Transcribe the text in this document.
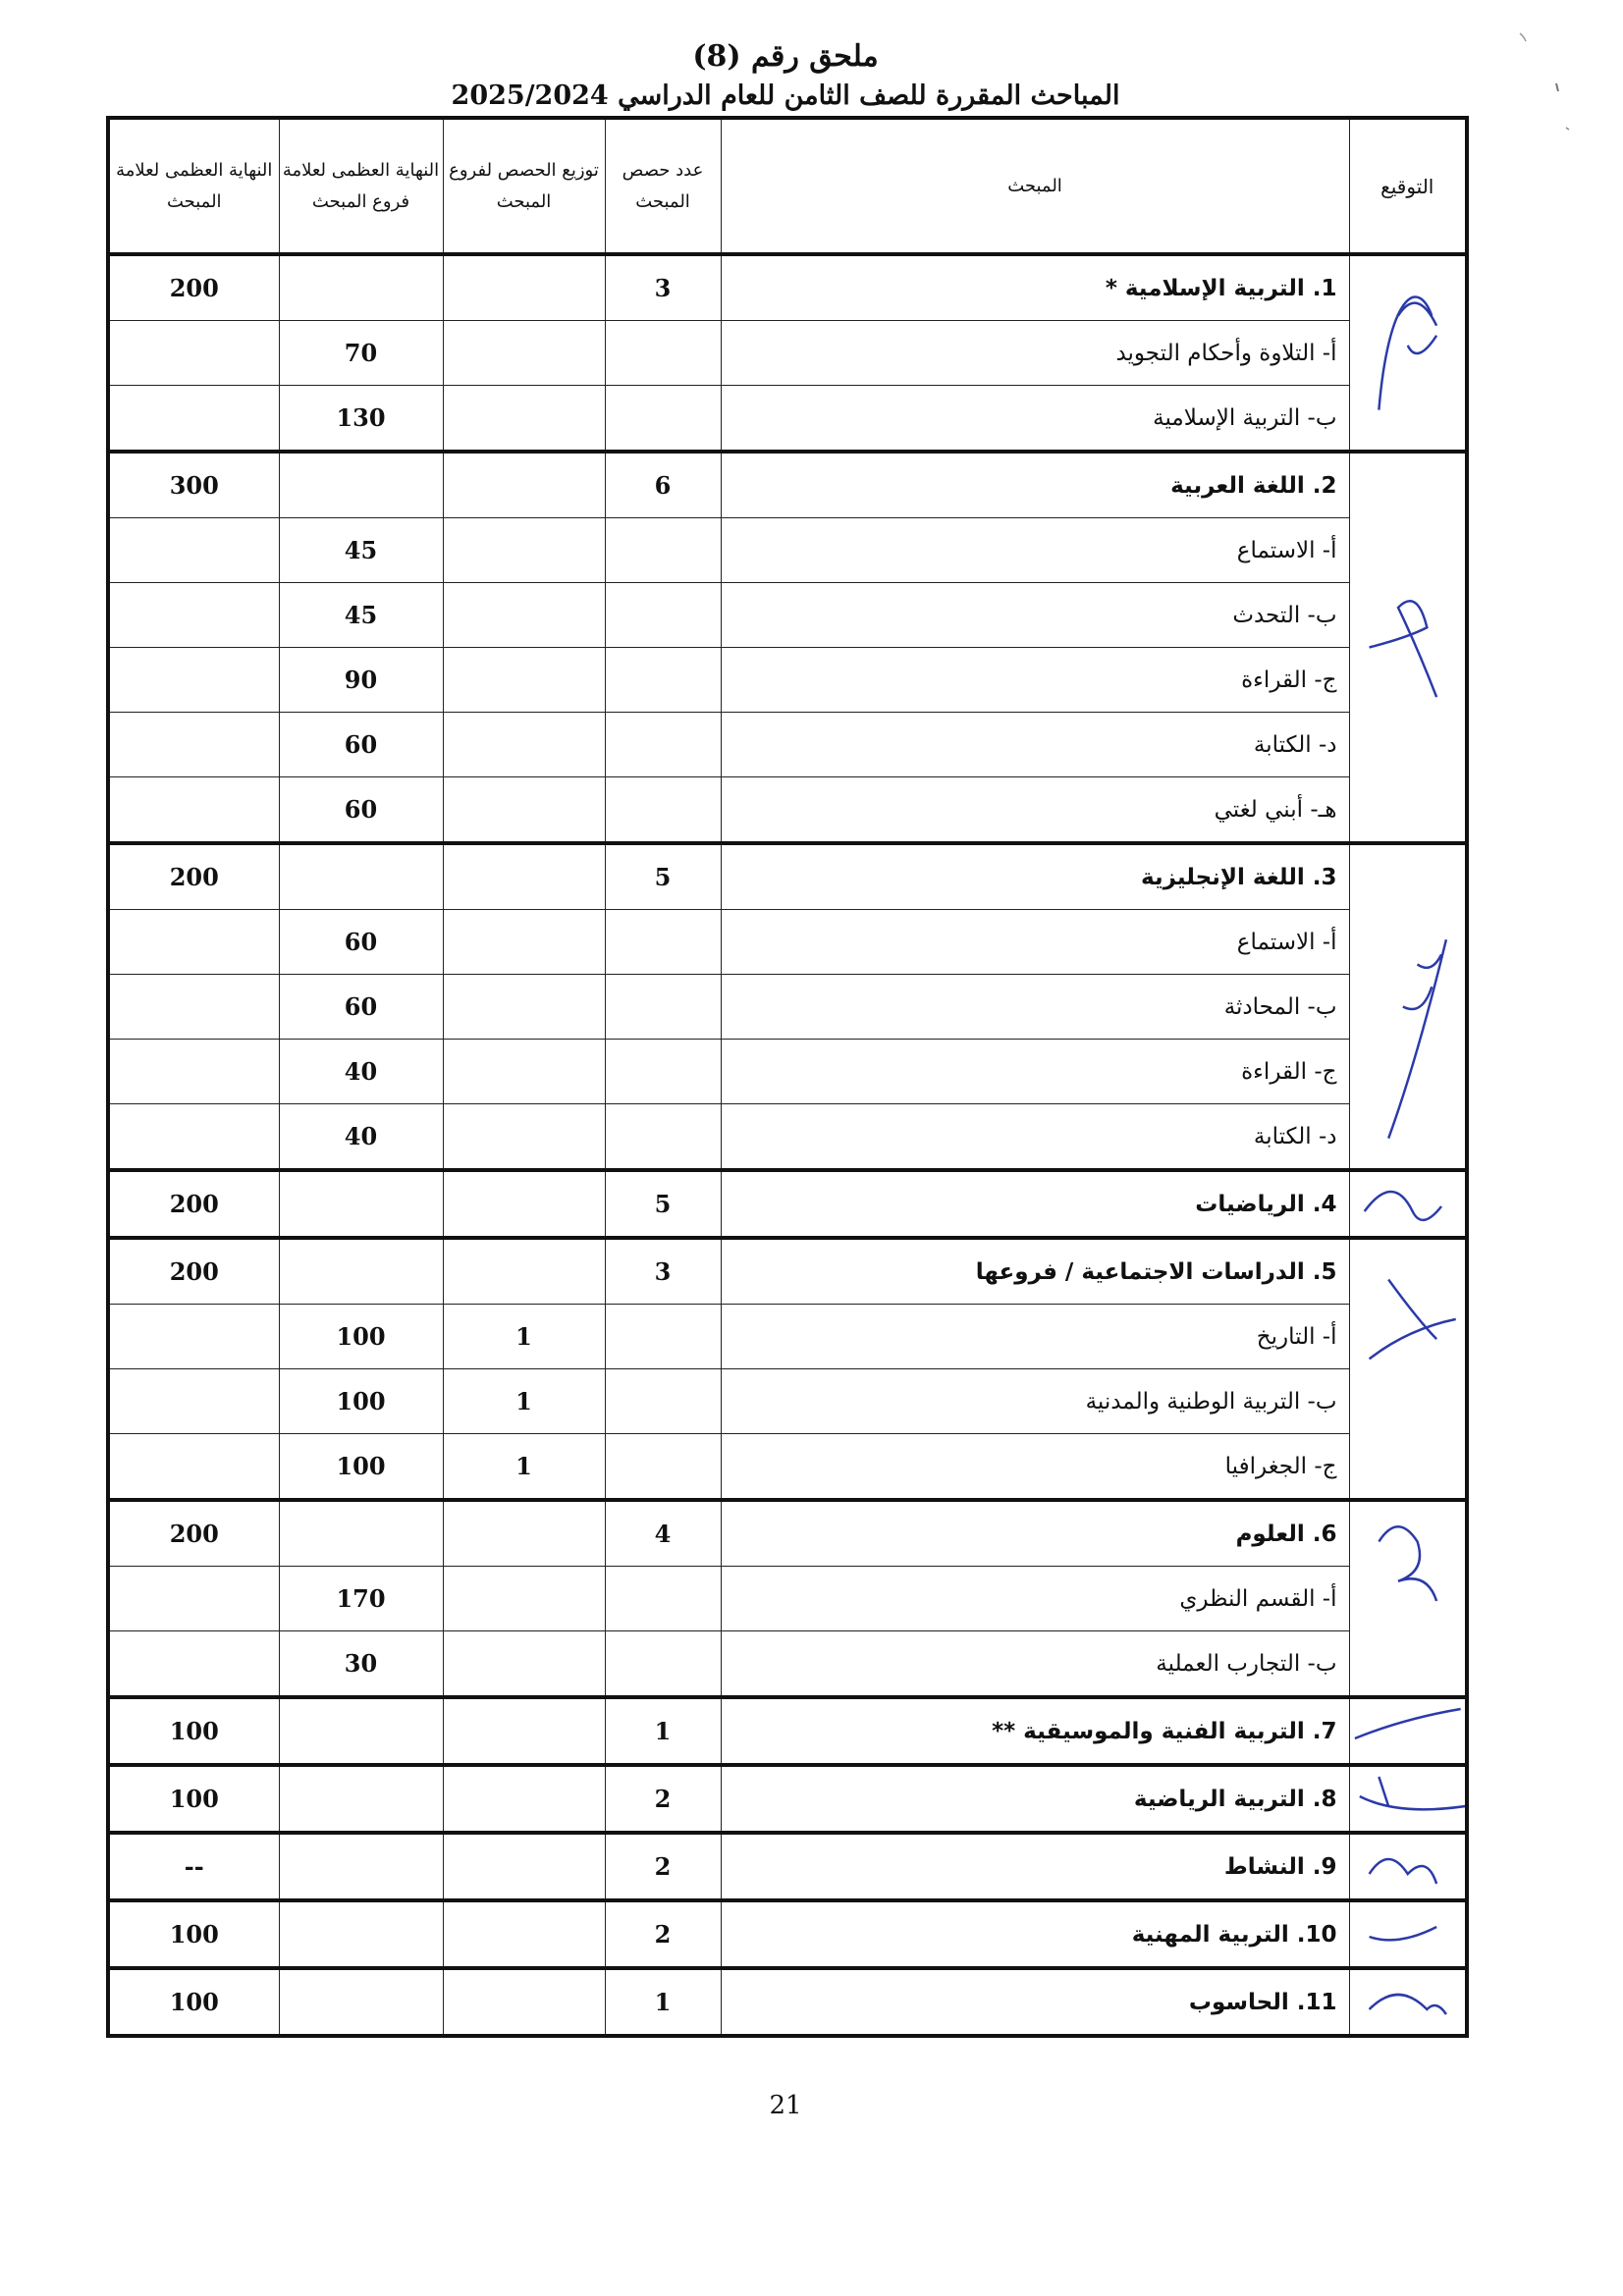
ملحق رقم (8)
المباحث المقررة للصف الثامن للعام الدراسي 2025/2024
التوقيع	المبحث	عدد حصص المبحث	توزيع الحصص لفروع المبحث	النهاية العظمى لعلامة فروع المبحث	النهاية العظمى لعلامة المبحث

	1. التربية الإسلامية *	3			200
	أ- التلاوة وأحكام التجويد			70	
	ب- التربية الإسلامية			130	

	2. اللغة العربية	6			300
	أ- الاستماع			45	
	ب- التحدث			45	
	ج- القراءة			90	
	د- الكتابة			60	
	هـ- أبني لغتي			60	

	3. اللغة الإنجليزية	5			200
	أ- الاستماع			60	
	ب- المحادثة			60	
	ج- القراءة			40	
	د- الكتابة			40	

	4. الرياضيات	5			200

	5. الدراسات الاجتماعية / فروعها	3			200
	أ- التاريخ		1	100	
	ب- التربية الوطنية والمدنية		1	100	
	ج- الجغرافيا		1	100	

	6. العلوم	4			200
	أ- القسم النظري			170	
	ب- التجارب العملية			30	

	7. التربية الفنية والموسيقية **	1			100

	8. التربية الرياضية	2			100

	9. النشاط	2			--

	10. التربية المهنية	2			100

	11. الحاسوب	1			100
21
